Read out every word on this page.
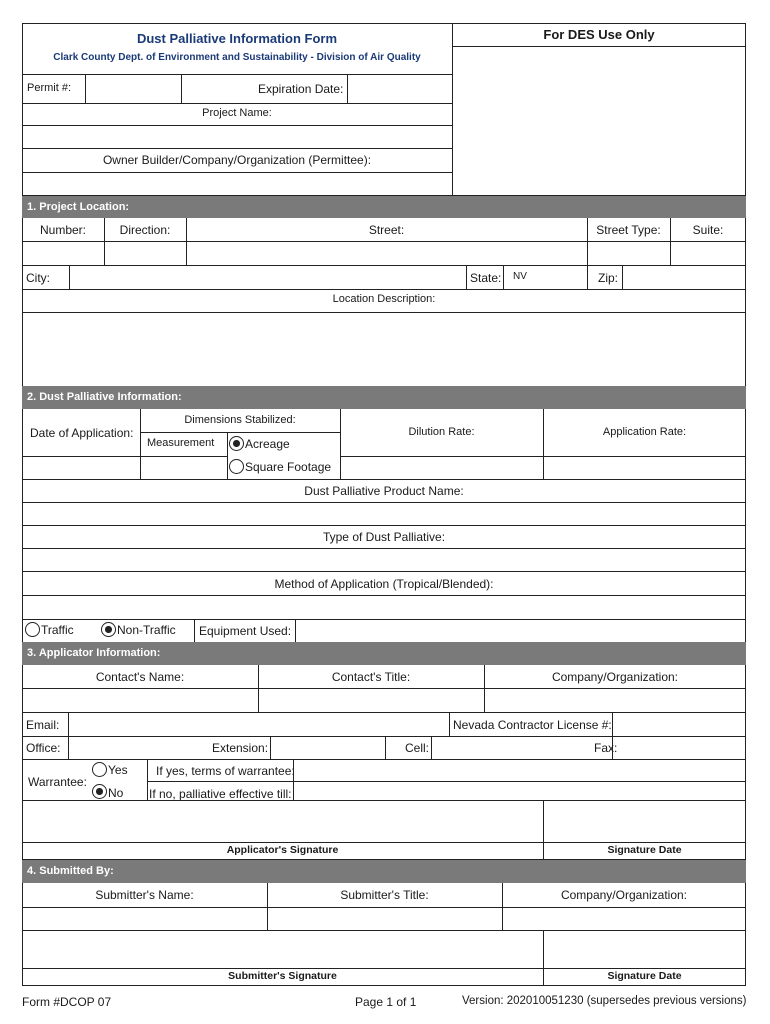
For DES Use Only
Dust Palliative Information Form
Clark County Dept. of Environment and Sustainability - Division of Air Quality
Permit #:	Expiration Date:
Project Name:
Owner Builder/Company/Organization (Permittee):
1. Project Location:
Number:	Direction:	Street:	Street Type:	Suite:
City:	State: NV	Zip:
Location Description:
2. Dust Palliative Information:
Date of Application:
Dimensions Stabilized:
Measurement	Acreage
Square Footage
Dilution Rate:	Application Rate:
Dust Palliative Product Name:
Type of Dust Palliative:
Method of Application (Tropical/Blended):
Traffic	Non-Traffic Equipment Used:
3. Applicator Information:
Contact's Name:	Contact's Title:	Company/Organization:
Email:	Nevada Contractor License #:
Office:	Extension:	Cell:	Fax:
Warrantee:
Yes
No
If yes, terms of warrantee:
If no, palliative effective till:
Applicator's Signature	Signature Date
4. Submitted By:
Submitter's Name:	Submitter's Title:	Company/Organization:
Submitter's Signature	Signature Date
Form #DCOP 07	Page 1 of 1	Version: 202010051230 (supersedes previous versions)
